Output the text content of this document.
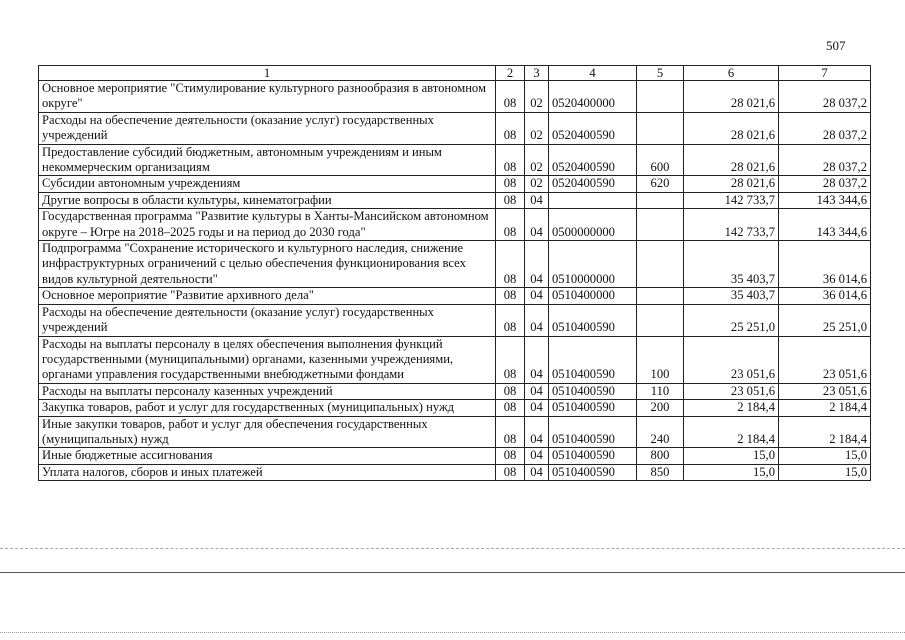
507
1	2	3	4	5	6	7
Основное мероприятие "Стимулирование культурного разнообразия в автономном округе"	08	02	0520400000		28 021,6	28 037,2
Расходы на обеспечение деятельности (оказание услуг) государственных учреждений	08	02	0520400590		28 021,6	28 037,2
Предоставление субсидий бюджетным, автономным учреждениям и иным некоммерческим организациям	08	02	0520400590	600	28 021,6	28 037,2
Субсидии автономным учреждениям	08	02	0520400590	620	28 021,6	28 037,2
Другие вопросы в области культуры, кинематографии	08	04			142 733,7	143 344,6
Государственная программа "Развитие культуры в Ханты-Мансийском автономном округе – Югре на 2018–2025 годы и на период до 2030 года"	08	04	0500000000		142 733,7	143 344,6
Подпрограмма "Сохранение исторического и культурного наследия, снижение инфраструктурных ограничений с целью обеспечения функционирования всех видов культурной деятельности"	08	04	0510000000		35 403,7	36 014,6
Основное мероприятие "Развитие архивного дела"	08	04	0510400000		35 403,7	36 014,6
Расходы на обеспечение деятельности (оказание услуг) государственных учреждений	08	04	0510400590		25 251,0	25 251,0
Расходы на выплаты персоналу в целях обеспечения выполнения функций государственными (муниципальными) органами, казенными учреждениями, органами управления государственными внебюджетными фондами	08	04	0510400590	100	23 051,6	23 051,6
Расходы на выплаты персоналу казенных учреждений	08	04	0510400590	110	23 051,6	23 051,6
Закупка товаров, работ и услуг для государственных (муниципальных) нужд	08	04	0510400590	200	2 184,4	2 184,4
Иные закупки товаров, работ и услуг для обеспечения государственных (муниципальных) нужд	08	04	0510400590	240	2 184,4	2 184,4
Иные бюджетные ассигнования	08	04	0510400590	800	15,0	15,0
Уплата налогов, сборов и иных платежей	08	04	0510400590	850	15,0	15,0
